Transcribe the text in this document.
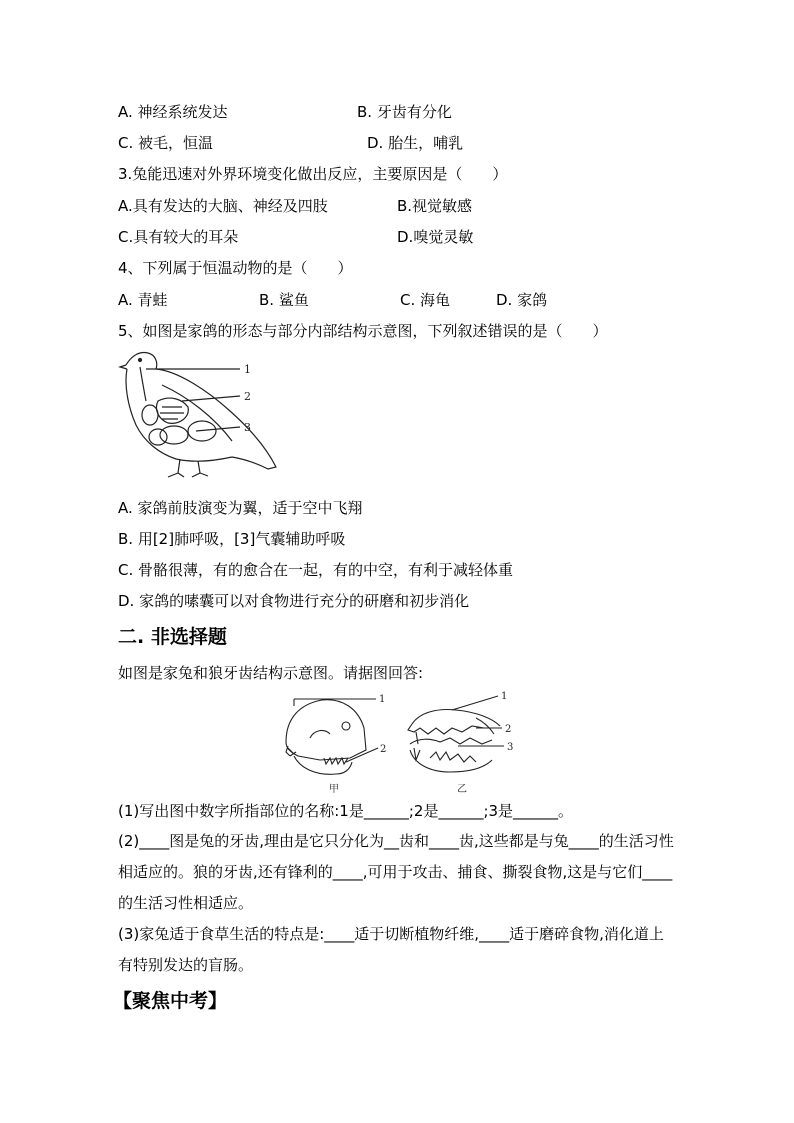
A. 神经系统发达	B. 牙齿有分化
C. 被毛，恒温	D. 胎生，哺乳
3.兔能迅速对外界环境变化做出反应，主要原因是（　　）
A.具有发达的大脑、神经及四肢	B.视觉敏感
C.具有较大的耳朵	D.嗅觉灵敏
4、下列属于恒温动物的是（　　）
A. 青蛙	B. 鲨鱼	C. 海龟	D. 家鸽
5、如图是家鸽的形态与部分内部结构示意图，下列叙述错误的是（　　）
1
2
3
A. 家鸽前肢演变为翼，适于空中飞翔
B. 用[2]肺呼吸，[3]气囊辅助呼吸
C. 骨骼很薄，有的愈合在一起，有的中空，有利于减轻体重
D. 家鸽的嗉囊可以对食物进行充分的研磨和初步消化
二. 非选择题
如图是家兔和狼牙齿结构示意图。请据图回答:
1
2
1
2
3
甲	乙
(1)写出图中数字所指部位的名称:1是______;2是______;3是______。
(2)____图是兔的牙齿,理由是它只分化为__齿和____齿,这些都是与兔____的生活习性相适应的。狼的牙齿,还有锋利的____,可用于攻击、捕食、撕裂食物,这是与它们____的生活习性相适应。
(3)家兔适于食草生活的特点是:____适于切断植物纤维,____适于磨碎食物,消化道上有特别发达的盲肠。
【聚焦中考】
